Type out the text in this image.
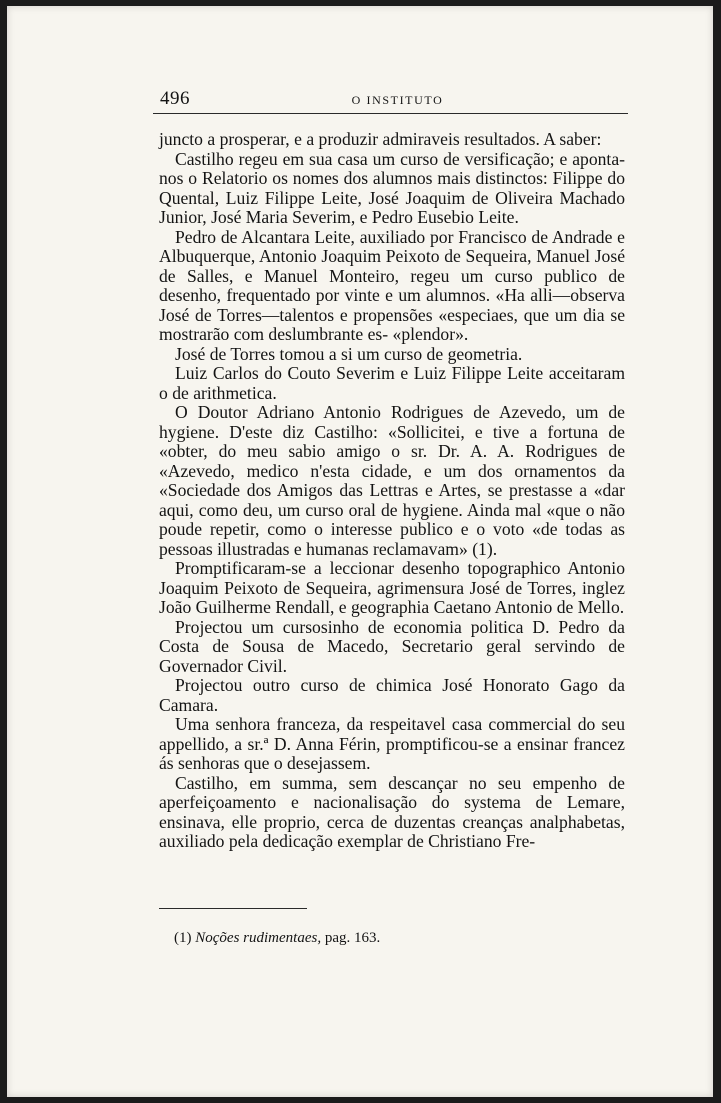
496	O INSTITUTO

juncto a prosperar, e a produzir admiraveis resultados. A saber:

Castilho regeu em sua casa um curso de versificação; e aponta-nos o Relatorio os nomes dos alumnos mais distinctos: Filippe do Quental, Luiz Filippe Leite, José Joaquim de Oliveira Machado Junior, José Maria Severim, e Pedro Eusebio Leite.

Pedro de Alcantara Leite, auxiliado por Francisco de Andrade e Albuquerque, Antonio Joaquim Peixoto de Sequeira, Manuel José de Salles, e Manuel Monteiro, regeu um curso publico de desenho, frequentado por vinte e um alumnos. «Ha alli—observa José de Torres—talentos e propensões «especiaes, que um dia se mostrarão com deslumbrante es- «plendor».

José de Torres tomou a si um curso de geometria.

Luiz Carlos do Couto Severim e Luiz Filippe Leite acceitaram o de arithmetica.

O Doutor Adriano Antonio Rodrigues de Azevedo, um de hygiene. D'este diz Castilho: «Sollicitei, e tive a fortuna de «obter, do meu sabio amigo o sr. Dr. A. A. Rodrigues de «Azevedo, medico n'esta cidade, e um dos ornamentos da «Sociedade dos Amigos das Lettras e Artes, se prestasse a «dar aqui, como deu, um curso oral de hygiene. Ainda mal «que o não poude repetir, como o interesse publico e o voto «de todas as pessoas illustradas e humanas reclamavam» (1).

Promptificaram-se a leccionar desenho topographico Antonio Joaquim Peixoto de Sequeira, agrimensura José de Torres, inglez João Guilherme Rendall, e geographia Caetano Antonio de Mello.

Projectou um cursosinho de economia politica D. Pedro da Costa de Sousa de Macedo, Secretario geral servindo de Governador Civil.

Projectou outro curso de chimica José Honorato Gago da Camara.

Uma senhora franceza, da respeitavel casa commercial do seu appellido, a sr.ª D. Anna Férin, promptificou-se a ensinar francez ás senhoras que o desejassem.

Castilho, em summa, sem descançar no seu empenho de aperfeiçoamento e nacionalisação do systema de Lemare, ensinava, elle proprio, cerca de duzentas creanças analphabetas, auxiliado pela dedicação exemplar de Christiano Fre-

(1) Noções rudimentaes, pag. 163.
